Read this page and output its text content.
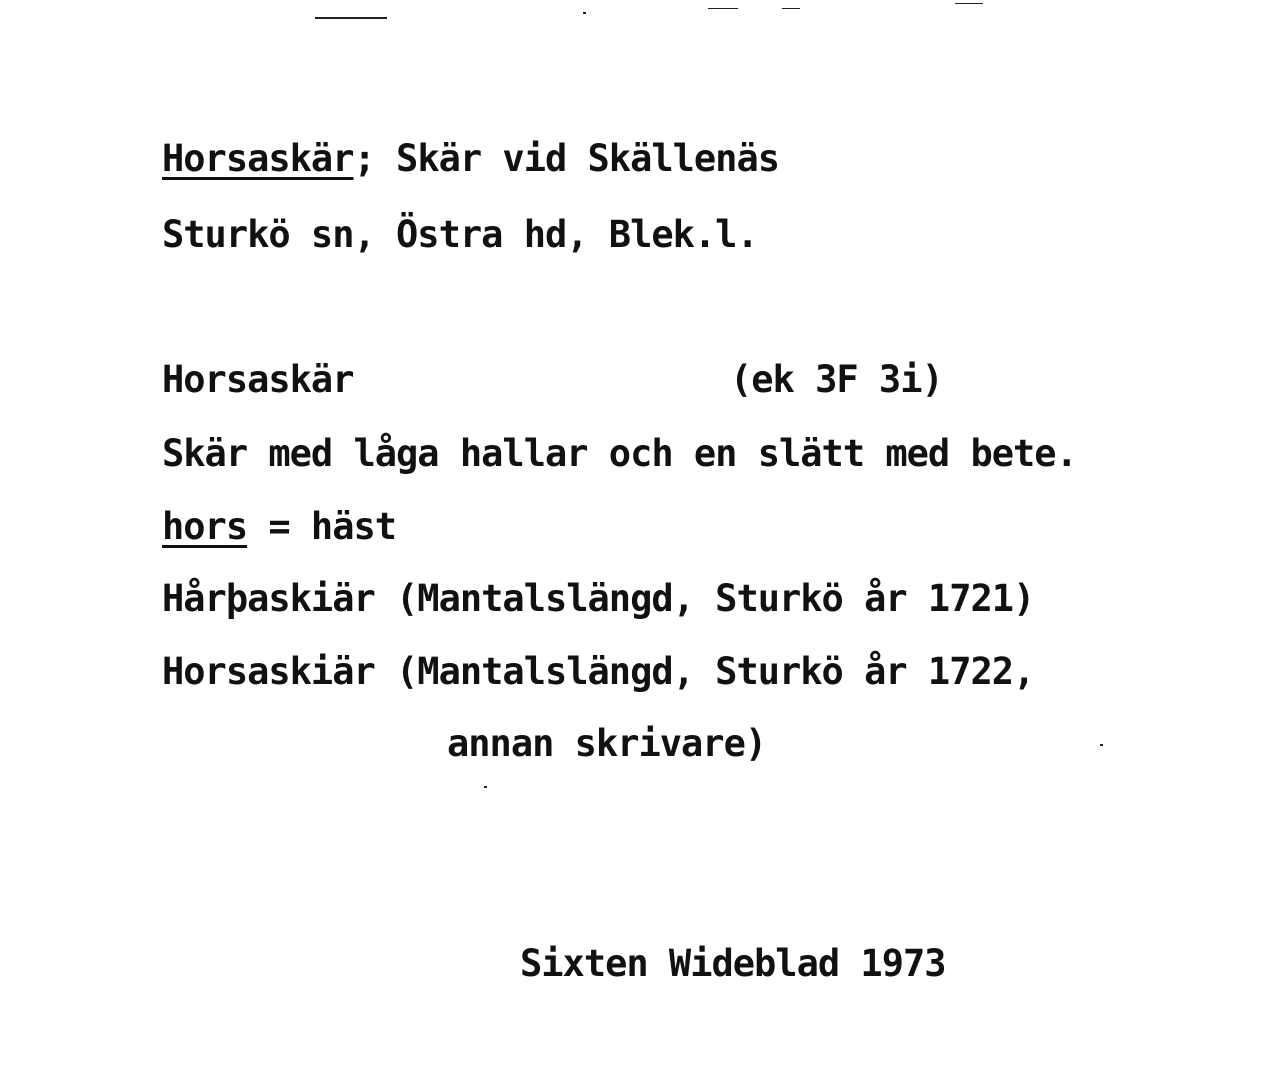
Horsaskär; Skär vid Skällenäs
Sturkö sn, Östra hd, Blek.l.
Horsaskär	(ek 3F 3i)
Skär med låga hallar och en slätt med bete.
hors = häst
Hårþaskiär (Mantalslängd, Sturkö år 1721)
Horsaskiär (Mantalslängd, Sturkö år 1722,
annan skrivare)
Sixten Wideblad 1973
